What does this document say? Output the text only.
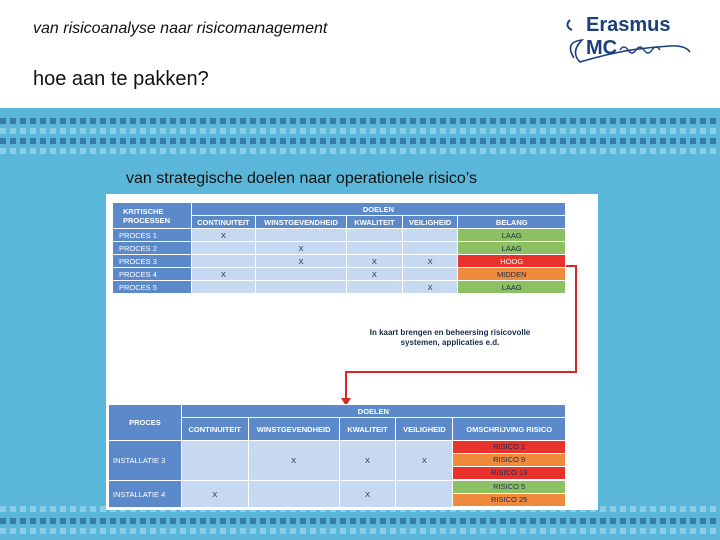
van risicoanalyse naar risicomanagement
hoe aan te pakken?
Erasmus MC
van strategische doelen naar operationele risico’s
KRITISCHE PROCESSEN	DOELEN				
	CONTINUITEIT	WINSTGEVENDHEID	KWALITEIT	VEILIGHEID	BELANG
PROCES 1	X				LAAG
PROCES 2		X			LAAG
PROCES 3		X	X	X	HOOG
PROCES 4	X		X		MIDDEN
PROCES 5				X	LAAG
In kaart brengen en beheersing risicovolle systemen, applicaties e.d.
PROCES	DOELEN				
	CONTINUITEIT	WINSTGEVENDHEID	KWALITEIT	VEILIGHEID	OMSCHRIJVING RISICO
INSTALLATIE 3		X	X	X	RISICO 1
RISICO 9
RISICO 13

INSTALLATIE 4	X		X		RISICO 5
RISICO 25
